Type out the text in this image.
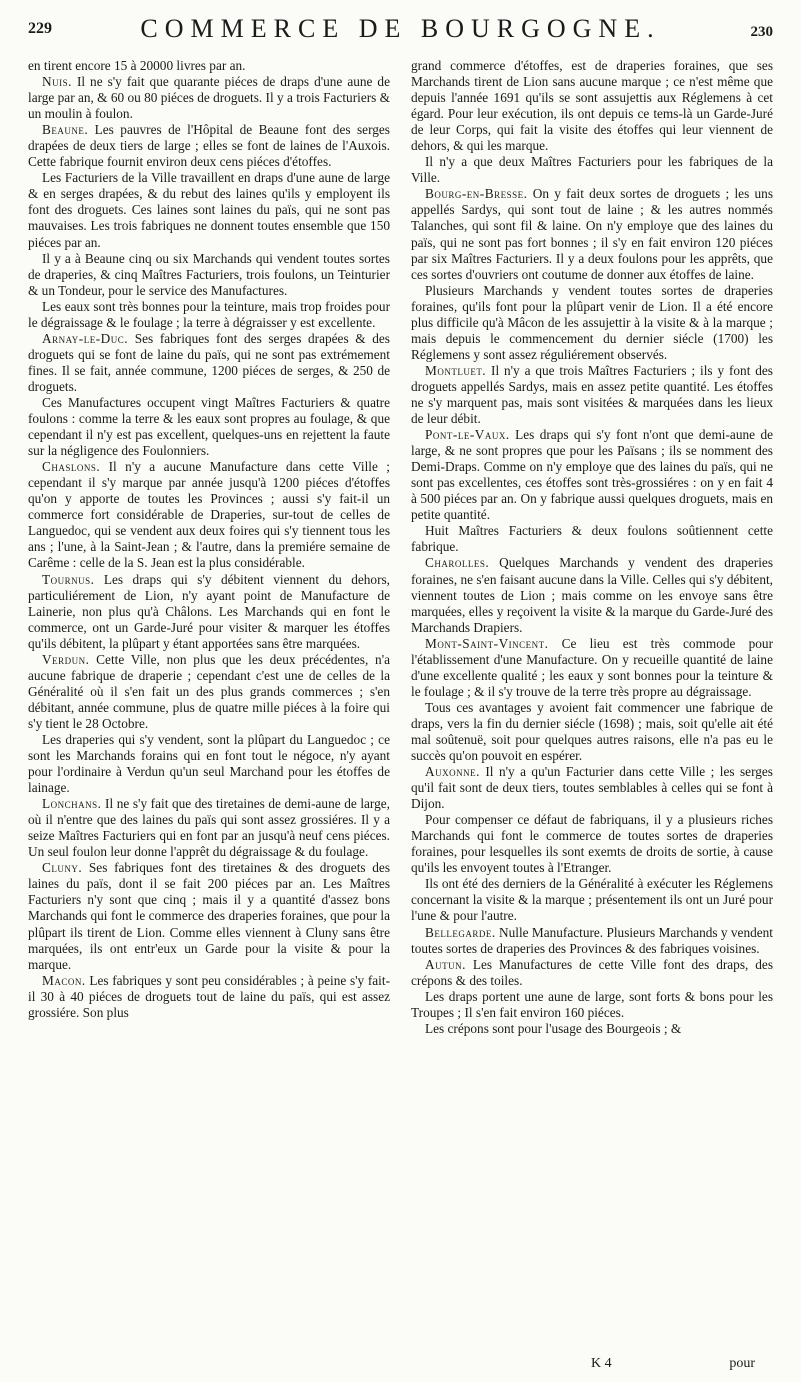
229	COMMERCE DE BOURGOGNE.	230

en tirent encore 15 à 20000 livres par an.

Nuis. Il ne s'y fait que quarante piéces de draps d'une aune de large par an, & 60 ou 80 piéces de droguets. Il y a trois Facturiers & un moulin à foulon.

Beaune. Les pauvres de l'Hôpital de Beaune font des serges drapées de deux tiers de large ; elles se font de laines de l'Auxois. Cette fabrique fournit environ deux cens piéces d'étoffes.

Les Facturiers de la Ville travaillent en draps d'une aune de large & en serges drapées, & du rebut des laines qu'ils y employent ils font des droguets. Ces laines sont laines du païs, qui ne sont pas mauvaises. Les trois fabriques ne donnent toutes ensemble que 150 piéces par an.

Il y a à Beaune cinq ou six Marchands qui vendent toutes sortes de draperies, & cinq Maîtres Facturiers, trois foulons, un Teinturier & un Tondeur, pour le service des Manufactures.

Les eaux sont très bonnes pour la teinture, mais trop froides pour le dégraissage & le foulage ; la terre à dégraisser y est excellente.

Arnay-le-Duc. Ses fabriques font des serges drapées & des droguets qui se font de laine du païs, qui ne sont pas extrémement fines. Il se fait, année commune, 1200 piéces de serges, & 250 de droguets.

Ces Manufactures occupent vingt Maîtres Facturiers & quatre foulons : comme la terre & les eaux sont propres au foulage, & que cependant il n'y est pas excellent, quelques-uns en rejettent la faute sur la négligence des Foulonniers.

Chaslons. Il n'y a aucune Manufacture dans cette Ville ; cependant il s'y marque par année jusqu'à 1200 piéces d'étoffes qu'on y apporte de toutes les Provinces ; aussi s'y fait-il un commerce fort considérable de Draperies, sur-tout de celles de Languedoc, qui se vendent aux deux foires qui s'y tiennent tous les ans ; l'une, à la Saint-Jean ; & l'autre, dans la premiére semaine de Carême : celle de la S. Jean est la plus considérable.

Tournus. Les draps qui s'y débitent viennent du dehors, particuliérement de Lion, n'y ayant point de Manufacture de Lainerie, non plus qu'à Châlons. Les Marchands qui en font le commerce, ont un Garde-Juré pour visiter & marquer les étoffes qu'ils débitent, la plûpart y étant apportées sans être marquées.

Verdun. Cette Ville, non plus que les deux précédentes, n'a aucune fabrique de draperie ; cependant c'est une de celles de la Généralité où il s'en fait un des plus grands commerces ; s'en débitant, année commune, plus de quatre mille piéces à la foire qui s'y tient le 28 Octobre.

Les draperies qui s'y vendent, sont la plûpart du Languedoc ; ce sont les Marchands forains qui en font tout le négoce, n'y ayant pour l'ordinaire à Verdun qu'un seul Marchand pour les étoffes de lainage.

Lonchans. Il ne s'y fait que des tiretaines de demi-aune de large, où il n'entre que des laines du païs qui sont assez grossiéres. Il y a seize Maîtres Facturiers qui en font par an jusqu'à neuf cens piéces. Un seul foulon leur donne l'apprêt du dégraissage & du foulage.

Cluny. Ses fabriques font des tiretaines & des droguets des laines du païs, dont il se fait 200 piéces par an. Les Maîtres Facturiers n'y sont que cinq ; mais il y a quantité d'assez bons Marchands qui font le commerce des draperies foraines, que pour la plûpart ils tirent de Lion. Comme elles viennent à Cluny sans être marquées, ils ont entr'eux un Garde pour la visite & pour la marque.

Macon. Les fabriques y sont peu considérables ; à peine s'y fait-il 30 à 40 piéces de droguets tout de laine du païs, qui est assez grossiére. Son plus

grand commerce d'étoffes, est de draperies foraines, que ses Marchands tirent de Lion sans aucune marque ; ce n'est même que depuis l'année 1691 qu'ils se sont assujettis aux Réglemens à cet égard. Pour leur exécution, ils ont depuis ce tems-là un Garde-Juré de leur Corps, qui fait la visite des étoffes qui leur viennent de dehors, & qui les marque.

Il n'y a que deux Maîtres Facturiers pour les fabriques de la Ville.

Bourg-en-Bresse. On y fait deux sortes de droguets ; les uns appellés Sardys, qui sont tout de laine ; & les autres nommés Talanches, qui sont fil & laine. On n'y employe que des laines du païs, qui ne sont pas fort bonnes ; il s'y en fait environ 120 piéces par six Maîtres Facturiers. Il y a deux foulons pour les apprêts, que ces sortes d'ouvriers ont coutume de donner aux étoffes de laine.

Plusieurs Marchands y vendent toutes sortes de draperies foraines, qu'ils font pour la plûpart venir de Lion. Il a été encore plus difficile qu'à Mâcon de les assujettir à la visite & à la marque ; mais depuis le commencement du dernier siécle (1700) les Réglemens y sont assez réguliérement observés.

Montluet. Il n'y a que trois Maîtres Facturiers ; ils y font des droguets appellés Sardys, mais en assez petite quantité. Les étoffes ne s'y marquent pas, mais sont visitées & marquées dans les lieux de leur débit.

Pont-le-Vaux. Les draps qui s'y font n'ont que demi-aune de large, & ne sont propres que pour les Païsans ; ils se nomment des Demi-Draps. Comme on n'y employe que des laines du païs, qui ne sont pas excellentes, ces étoffes sont très-grossiéres : on y en fait 4 à 500 piéces par an. On y fabrique aussi quelques droguets, mais en petite quantité.

Huit Maîtres Facturiers & deux foulons soûtiennent cette fabrique.

Charolles. Quelques Marchands y vendent des draperies foraines, ne s'en faisant aucune dans la Ville. Celles qui s'y débitent, viennent toutes de Lion ; mais comme on les envoye sans être marquées, elles y reçoivent la visite & la marque du Garde-Juré des Marchands Drapiers.

Mont-Saint-Vincent. Ce lieu est très commode pour l'établissement d'une Manufacture. On y recueille quantité de laine d'une excellente qualité ; les eaux y sont bonnes pour la teinture & le foulage ; & il s'y trouve de la terre très propre au dégraissage.

Tous ces avantages y avoient fait commencer une fabrique de draps, vers la fin du dernier siécle (1698) ; mais, soit qu'elle ait été mal soûtenuë, soit pour quelques autres raisons, elle n'a pas eu le succès qu'on pouvoit en espérer.

Auxonne. Il n'y a qu'un Facturier dans cette Ville ; les serges qu'il fait sont de deux tiers, toutes semblables à celles qui se font à Dijon.

Pour compenser ce défaut de fabriquans, il y a plusieurs riches Marchands qui font le commerce de toutes sortes de draperies foraines, pour lesquelles ils sont exemts de droits de sortie, à cause qu'ils les envoyent toutes à l'Etranger.

Ils ont été des derniers de la Généralité à exécuter les Réglemens concernant la visite & la marque ; présentement ils ont un Juré pour l'une & pour l'autre.

Bellegarde. Nulle Manufacture. Plusieurs Marchands y vendent toutes sortes de draperies des Provinces & des fabriques voisines.

Autun. Les Manufactures de cette Ville font des draps, des crépons & des toiles.

Les draps portent une aune de large, sont forts & bons pour les Troupes ; Il s'en fait environ 160 piéces.

Les crépons sont pour l'usage des Bourgeois ; &

K 4	pour
